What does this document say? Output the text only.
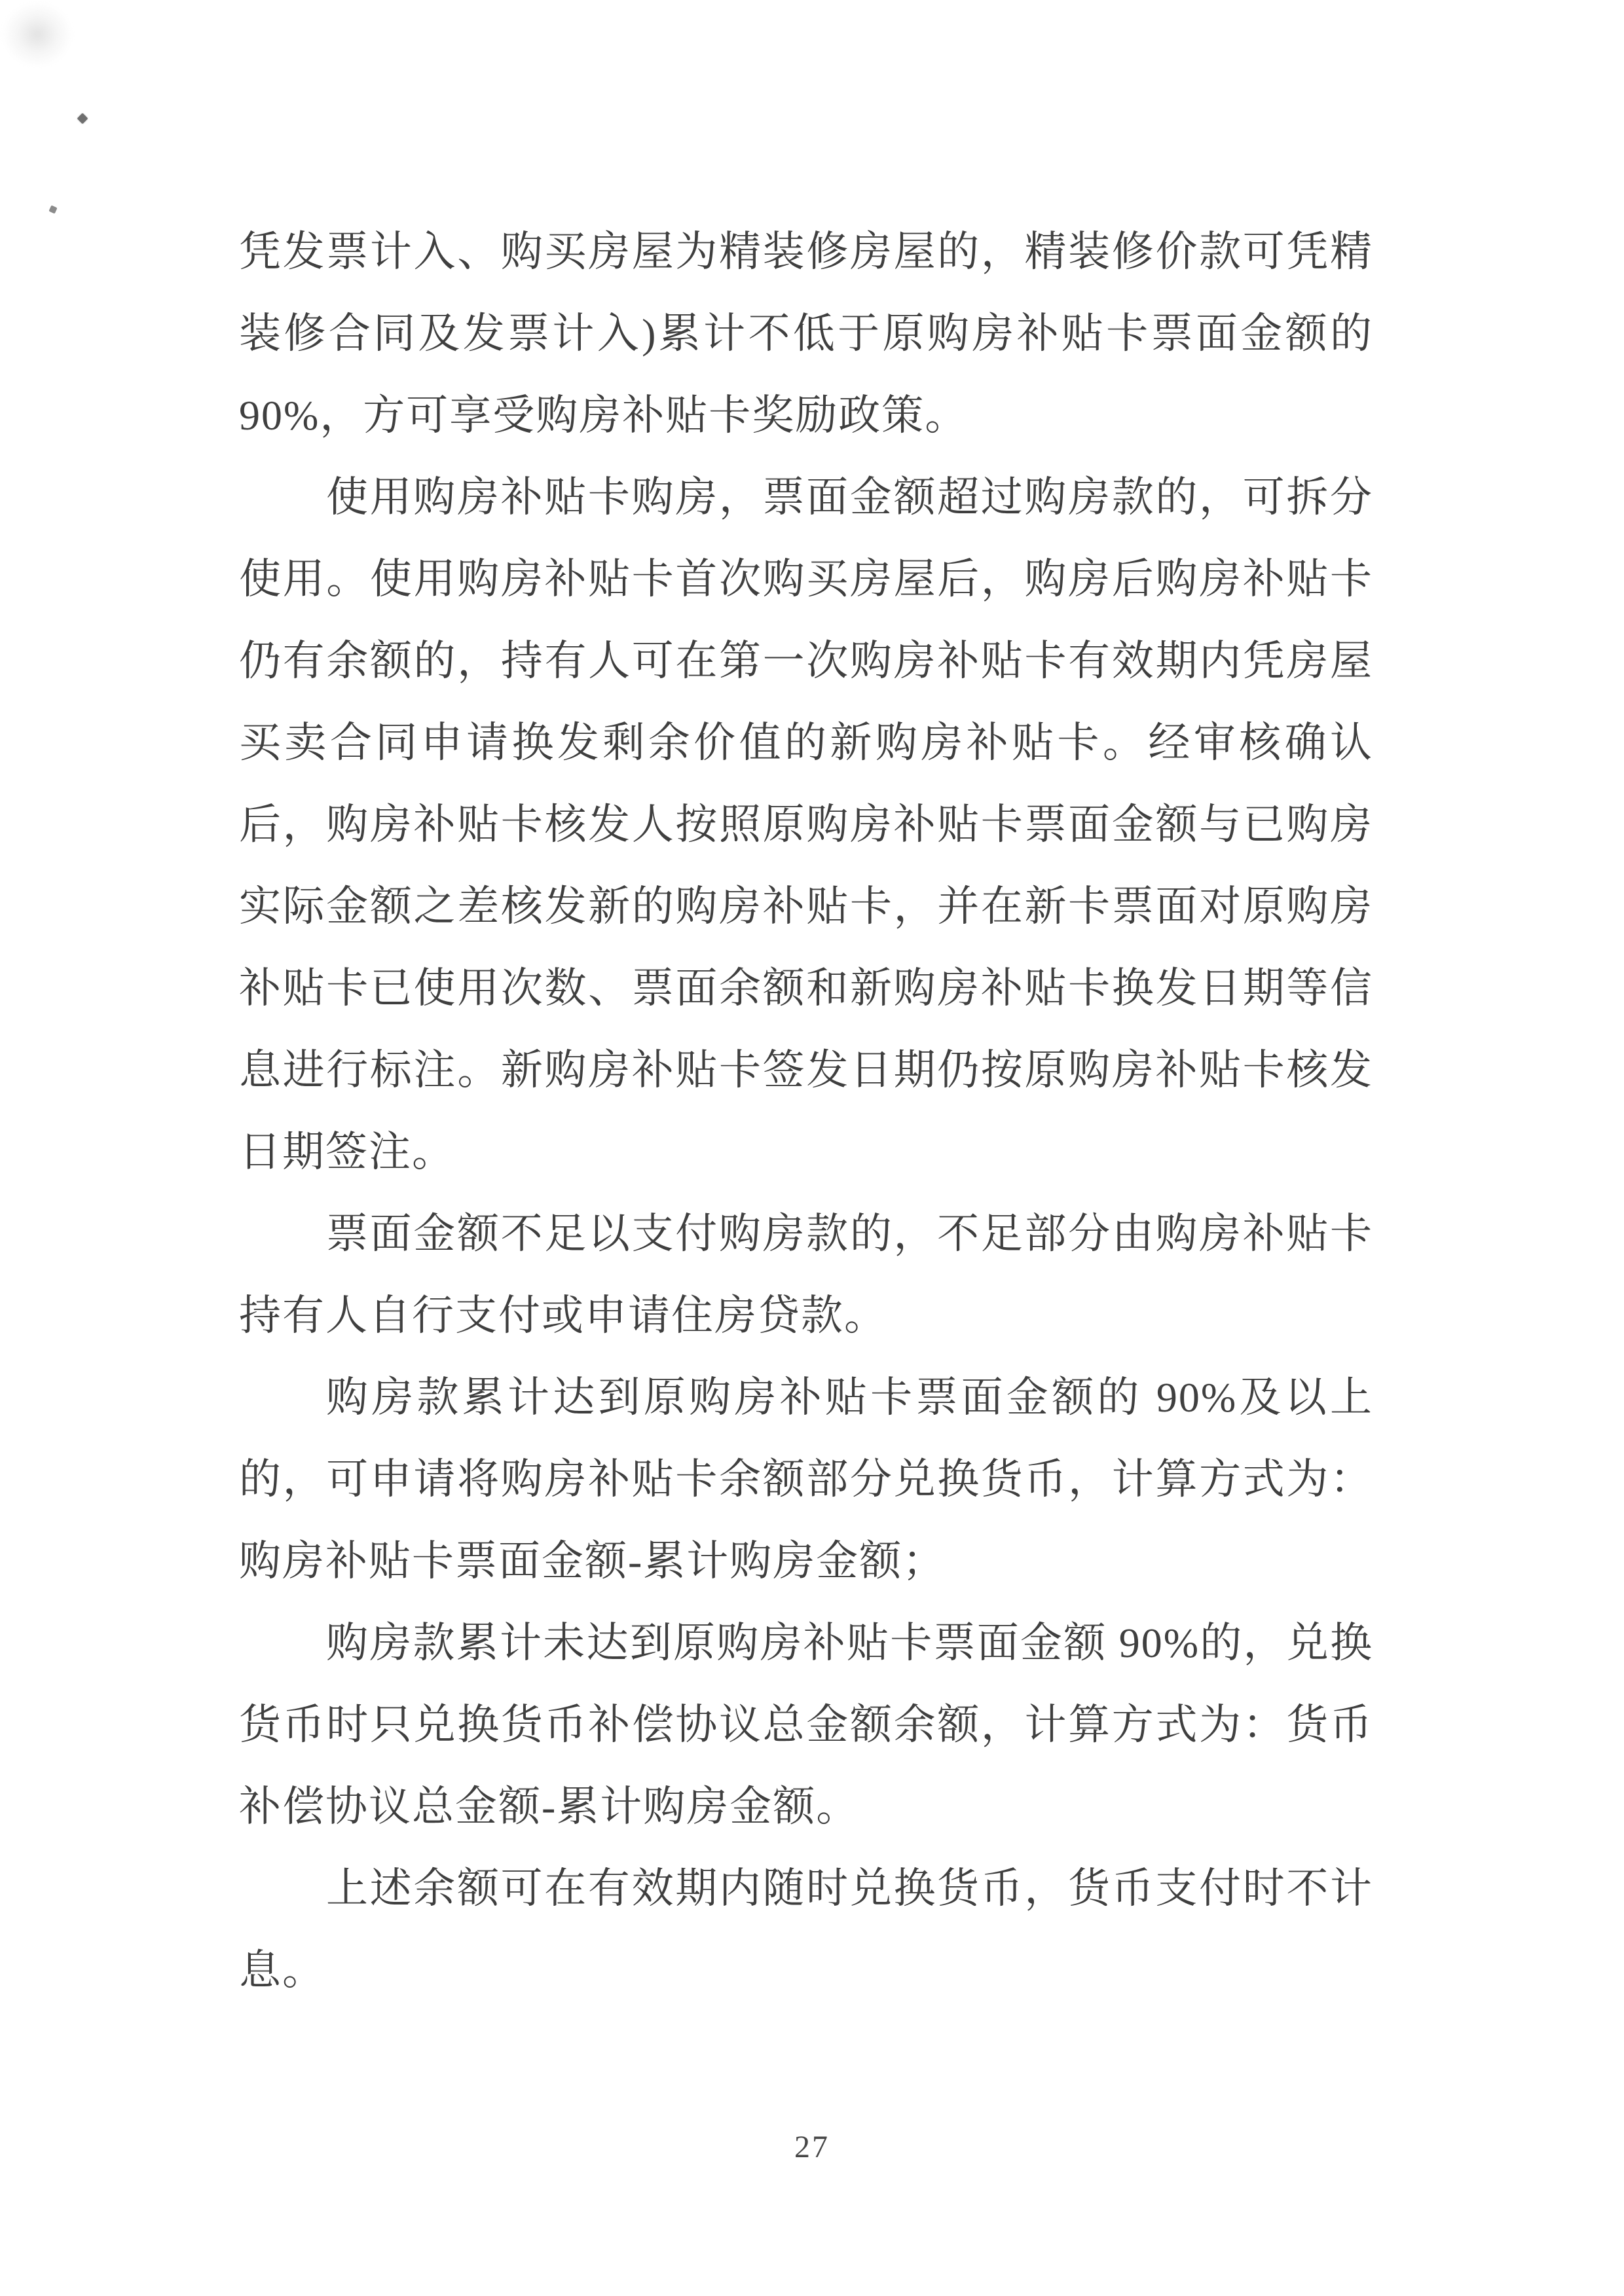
凭发票计入、购买房屋为精装修房屋的，精装修价款可凭精
装修合同及发票计入)累计不低于原购房补贴卡票面金额的
90%，方可享受购房补贴卡奖励政策。
使用购房补贴卡购房，票面金额超过购房款的，可拆分
使用。使用购房补贴卡首次购买房屋后，购房后购房补贴卡
仍有余额的，持有人可在第一次购房补贴卡有效期内凭房屋
买卖合同申请换发剩余价值的新购房补贴卡。经审核确认
后，购房补贴卡核发人按照原购房补贴卡票面金额与已购房
实际金额之差核发新的购房补贴卡，并在新卡票面对原购房
补贴卡已使用次数、票面余额和新购房补贴卡换发日期等信
息进行标注。新购房补贴卡签发日期仍按原购房补贴卡核发
日期签注。
票面金额不足以支付购房款的，不足部分由购房补贴卡
持有人自行支付或申请住房贷款。
购房款累计达到原购房补贴卡票面金额的 90%及以上
的，可申请将购房补贴卡余额部分兑换货币，计算方式为：
购房补贴卡票面金额-累计购房金额；
购房款累计未达到原购房补贴卡票面金额 90%的，兑换
货币时只兑换货币补偿协议总金额余额，计算方式为：货币
补偿协议总金额-累计购房金额。
上述余额可在有效期内随时兑换货币，货币支付时不计
息。
27
